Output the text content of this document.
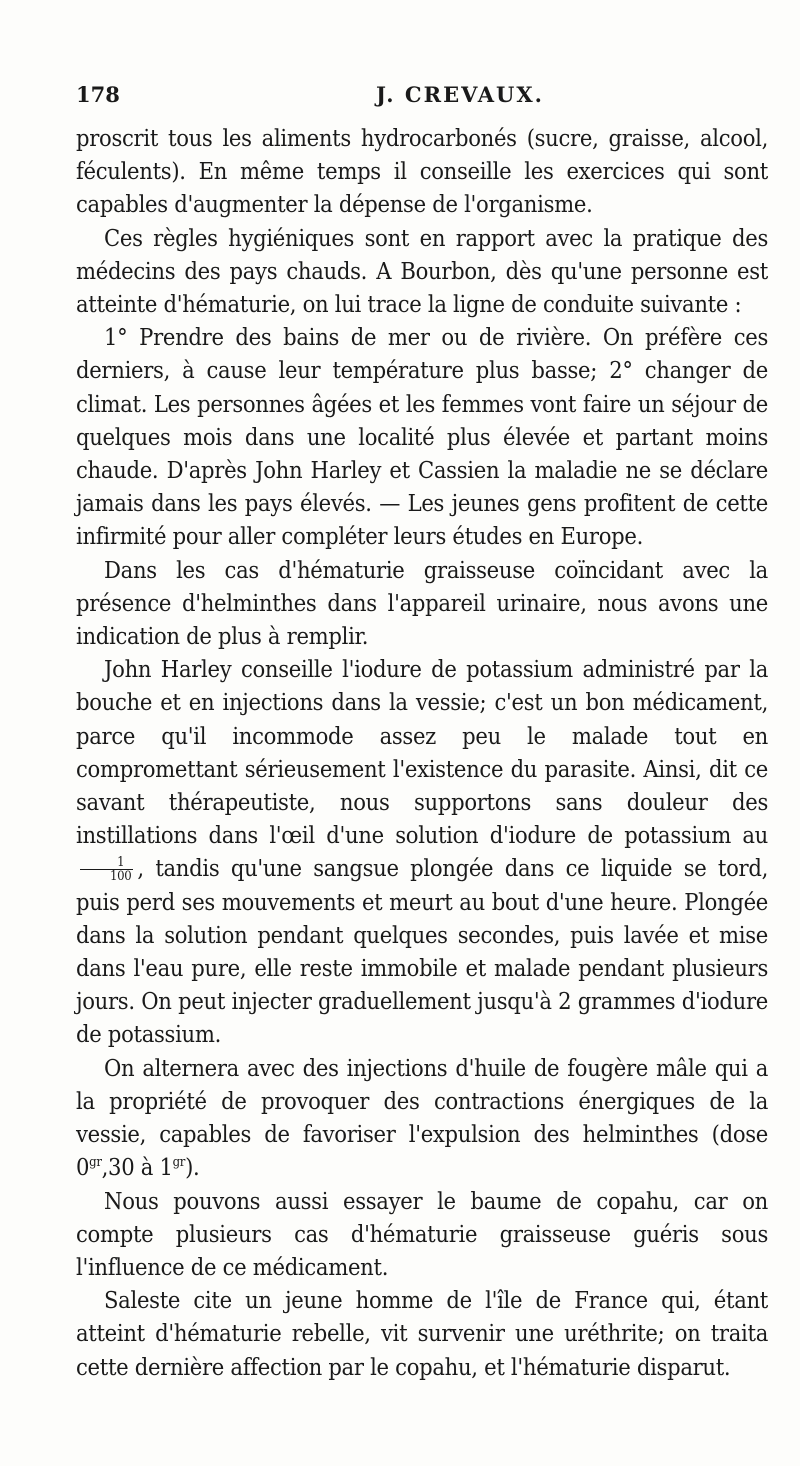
178	J. CREVAUX.

proscrit tous les aliments hydrocarbonés (sucre, graisse, alcool, féculents). En même temps il conseille les exercices qui sont capables d'augmenter la dépense de l'organisme.

Ces règles hygiéniques sont en rapport avec la pratique des médecins des pays chauds. A Bourbon, dès qu'une personne est atteinte d'hématurie, on lui trace la ligne de conduite suivante :

1° Prendre des bains de mer ou de rivière. On préfère ces derniers, à cause leur température plus basse; 2° changer de climat. Les personnes âgées et les femmes vont faire un séjour de quelques mois dans une localité plus élevée et partant moins chaude. D'après John Harley et Cassien la maladie ne se déclare jamais dans les pays élevés. — Les jeunes gens profitent de cette infirmité pour aller compléter leurs études en Europe.

Dans les cas d'hématurie graisseuse coïncidant avec la présence d'helminthes dans l'appareil urinaire, nous avons une indication de plus à remplir.

John Harley conseille l'iodure de potassium administré par la bouche et en injections dans la vessie; c'est un bon médicament, parce qu'il incommode assez peu le malade tout en compromettant sérieusement l'existence du parasite. Ainsi, dit ce savant thérapeutiste, nous supportons sans douleur des instillations dans l'œil d'une solution d'iodure de potassium au
$\frac{1}{100}$ , tandis qu'une sangsue plongée dans ce liquide se tord, puis perd ses mouvements et meurt au bout d'une heure. Plongée dans la solution pendant quelques secondes, puis lavée et mise dans l'eau pure, elle reste immobile et malade pendant plusieurs jours. On peut injecter graduellement jusqu'à 2 grammes d'iodure de potassium.

On alternera avec des injections d'huile de fougère mâle qui a la propriété de provoquer des contractions énergiques de la vessie, capables de favoriser l'expulsion des helminthes (dose $0^{gr},30$ à $1^{gr}$).

Nous pouvons aussi essayer le baume de copahu, car on compte plusieurs cas d'hématurie graisseuse guéris sous l'influence de ce médicament.

Saleste cite un jeune homme de l'île de France qui, étant atteint d'hématurie rebelle, vit survenir une uréthrite; on traita cette dernière affection par le copahu, et l'hématurie disparut.
